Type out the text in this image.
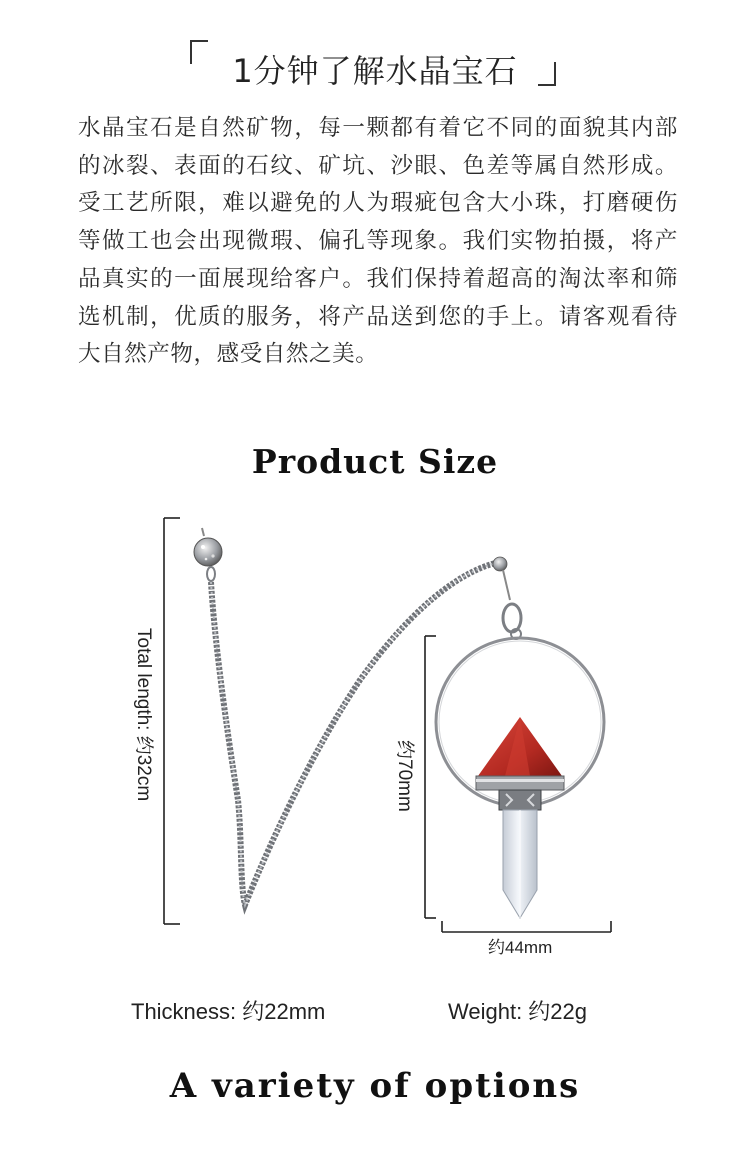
1分钟了解水晶宝石
水晶宝石是自然矿物，每一颗都有着它不同的面貌其内部的冰裂、表面的石纹、矿坑、沙眼、色差等属自然形成。受工艺所限，难以避免的人为瑕疵包含大小珠，打磨硬伤等做工也会出现微瑕、偏孔等现象。我们实物拍摄，将产品真实的一面展现给客户。我们保持着超高的淘汰率和筛选机制，优质的服务，将产品送到您的手上。请客观看待大自然产物，感受自然之美。
Product Size
Total length: 约32cm	约70mm
约44mm
Thickness: 约22mm	Weight: 约22g
A variety of options
